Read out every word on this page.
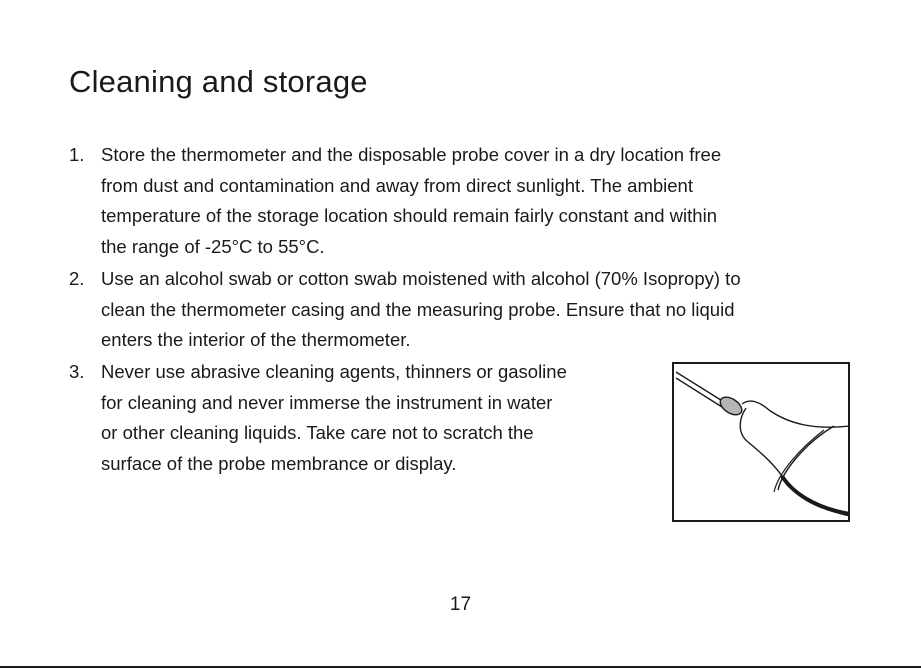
Cleaning and storage
1. Store the thermometer and the disposable probe cover in a dry location free
from dust and contamination and away from direct sunlight. The ambient
temperature of the storage location should remain fairly constant and within
the range of -25°C to 55°C.
2. Use an alcohol swab or cotton swab moistened with alcohol (70% Isopropy) to
clean the thermometer casing and the measuring probe. Ensure that no liquid
enters the interior of the thermometer.
3. Never use abrasive cleaning agents, thinners or gasoline
for cleaning and never immerse the instrument in water
or other cleaning liquids. Take care not to scratch the
surface of the probe membrance or display.
17
